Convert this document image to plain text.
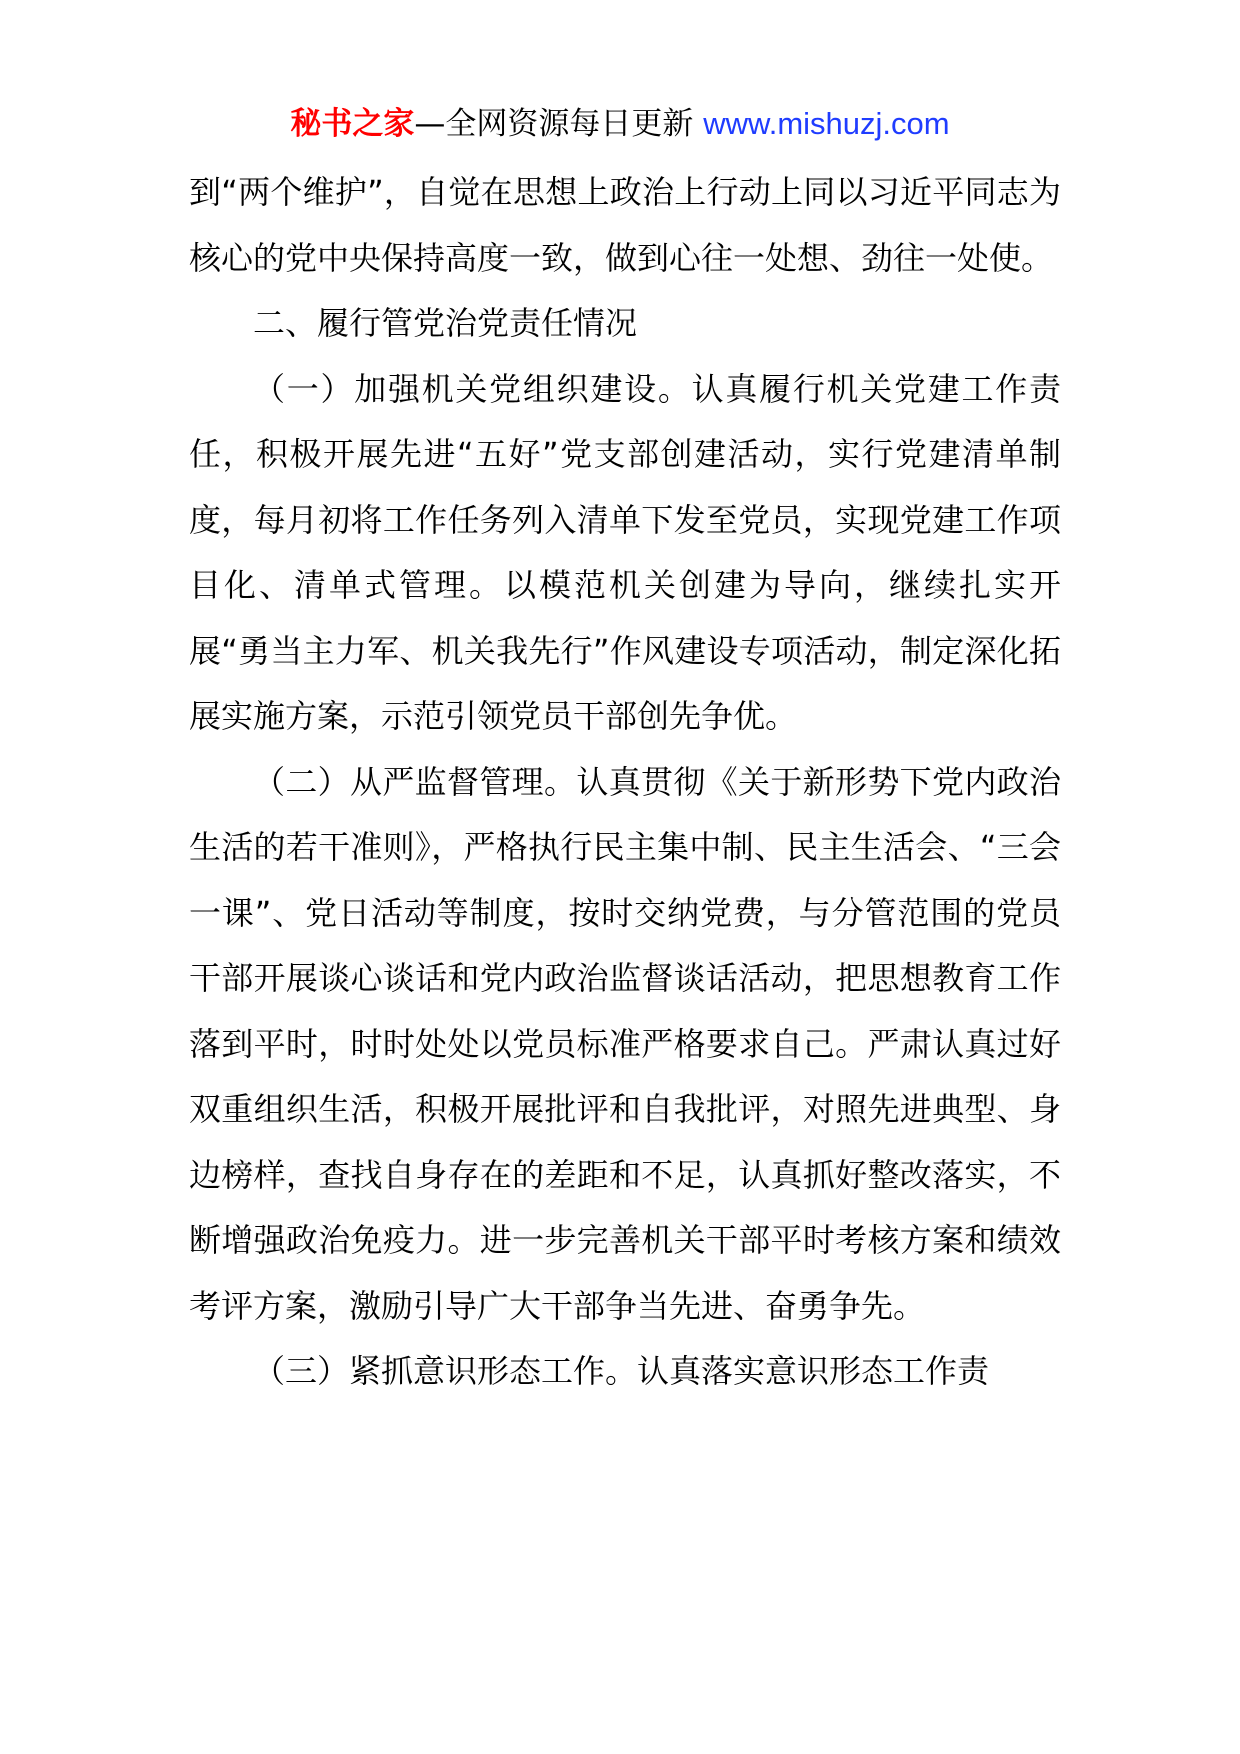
秘书之家—全网资源每日更新 www.mishuzj.com

到“两个维护”，自觉在思想上政治上行动上同以习近平同志为核心的党中央保持高度一致，做到心往一处想、劲往一处使。

二、履行管党治党责任情况

（一）加强机关党组织建设。认真履行机关党建工作责任，积极开展先进“五好”党支部创建活动，实行党建清单制度，每月初将工作任务列入清单下发至党员，实现党建工作项目化、清单式管理。以模范机关创建为导向，继续扎实开展“勇当主力军、机关我先行”作风建设专项活动，制定深化拓展实施方案，示范引领党员干部创先争优。

（二）从严监督管理。认真贯彻《关于新形势下党内政治生活的若干准则》，严格执行民主集中制、民主生活会、“三会一课”、党日活动等制度，按时交纳党费，与分管范围的党员干部开展谈心谈话和党内政治监督谈话活动，把思想教育工作落到平时，时时处处以党员标准严格要求自己。严肃认真过好双重组织生活，积极开展批评和自我批评，对照先进典型、身边榜样，查找自身存在的差距和不足，认真抓好整改落实，不断增强政治免疫力。进一步完善机关干部平时考核方案和绩效考评方案，激励引导广大干部争当先进、奋勇争先。

（三）紧抓意识形态工作。认真落实意识形态工作责
